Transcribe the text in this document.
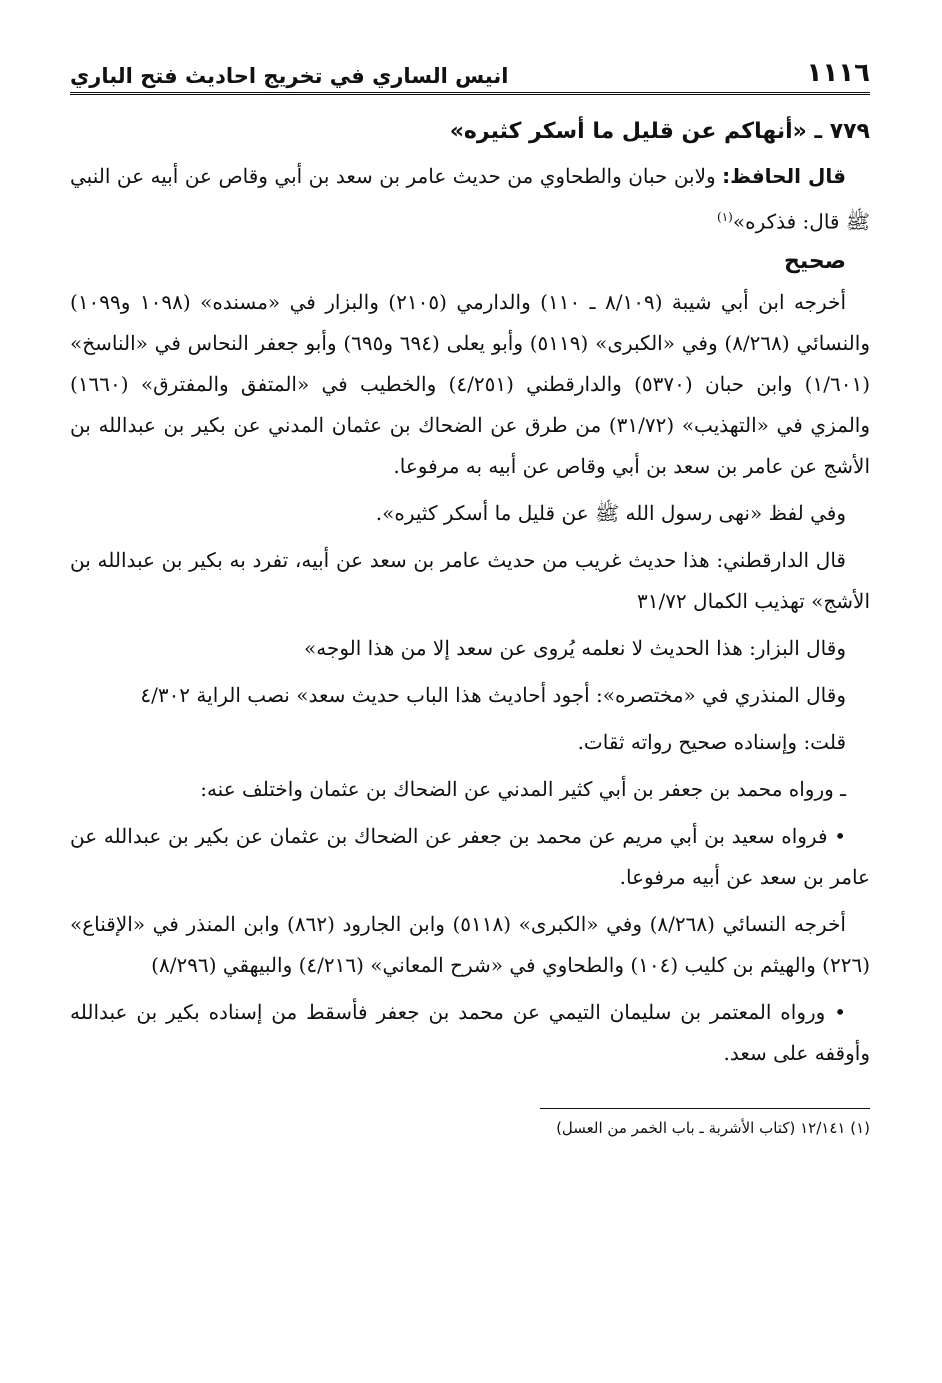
١١١٦
انيس الساري في تخريج احاديث فتح الباري
٧٧٩ ـ «أنهاكم عن قليل ما أسكر كثيره»

قال الحافظ: ولابن حبان والطحاوي من حديث عامر بن سعد بن أبي وقاص عن أبيه عن النبي ﷺ قال: فذكره»$^{(١)}$

صحيح

أخرجه ابن أبي شيبة (٨/١٠٩ ـ ١١٠) والدارمي (٢١٠٥) والبزار في «مسنده» (١٠٩٨ و١٠٩٩) والنسائي (٨/٢٦٨) وفي «الكبرى» (٥١١٩) وأبو يعلى (٦٩٤ و٦٩٥) وأبو جعفر النحاس في «الناسخ» (١/٦٠١) وابن حبان (٥٣٧٠) والدارقطني (٤/٢٥١) والخطيب في «المتفق والمفترق» (١٦٦٠) والمزي في «التهذيب» (٣١/٧٢) من طرق عن الضحاك بن عثمان المدني عن بكير بن عبدالله بن الأشج عن عامر بن سعد بن أبي وقاص عن أبيه به مرفوعا.

وفي لفظ «نهى رسول الله ﷺ عن قليل ما أسكر كثيره».

قال الدارقطني: هذا حديث غريب من حديث عامر بن سعد عن أبيه، تفرد به بكير بن عبدالله بن الأشج» تهذيب الكمال ٣١/٧٢

وقال البزار: هذا الحديث لا نعلمه يُروى عن سعد إلا من هذا الوجه»

وقال المنذري في «مختصره»: أجود أحاديث هذا الباب حديث سعد» نصب الراية ٤/٣٠٢

قلت: وإسناده صحيح رواته ثقات.

ـ ورواه محمد بن جعفر بن أبي كثير المدني عن الضحاك بن عثمان واختلف عنه:

• فرواه سعيد بن أبي مريم عن محمد بن جعفر عن الضحاك بن عثمان عن بكير بن عبدالله عن عامر بن سعد عن أبيه مرفوعا.

أخرجه النسائي (٨/٢٦٨) وفي «الكبرى» (٥١١٨) وابن الجارود (٨٦٢) وابن المنذر في «الإقناع» (٢٢٦) والهيثم بن كليب (١٠٤) والطحاوي في «شرح المعاني» (٤/٢١٦) والبيهقي (٨/٢٩٦)

• ورواه المعتمر بن سليمان التيمي عن محمد بن جعفر فأسقط من إسناده بكير بن عبدالله وأوقفه على سعد.

(١) ١٢/١٤١ (كتاب الأشربة ـ باب الخمر من العسل)
